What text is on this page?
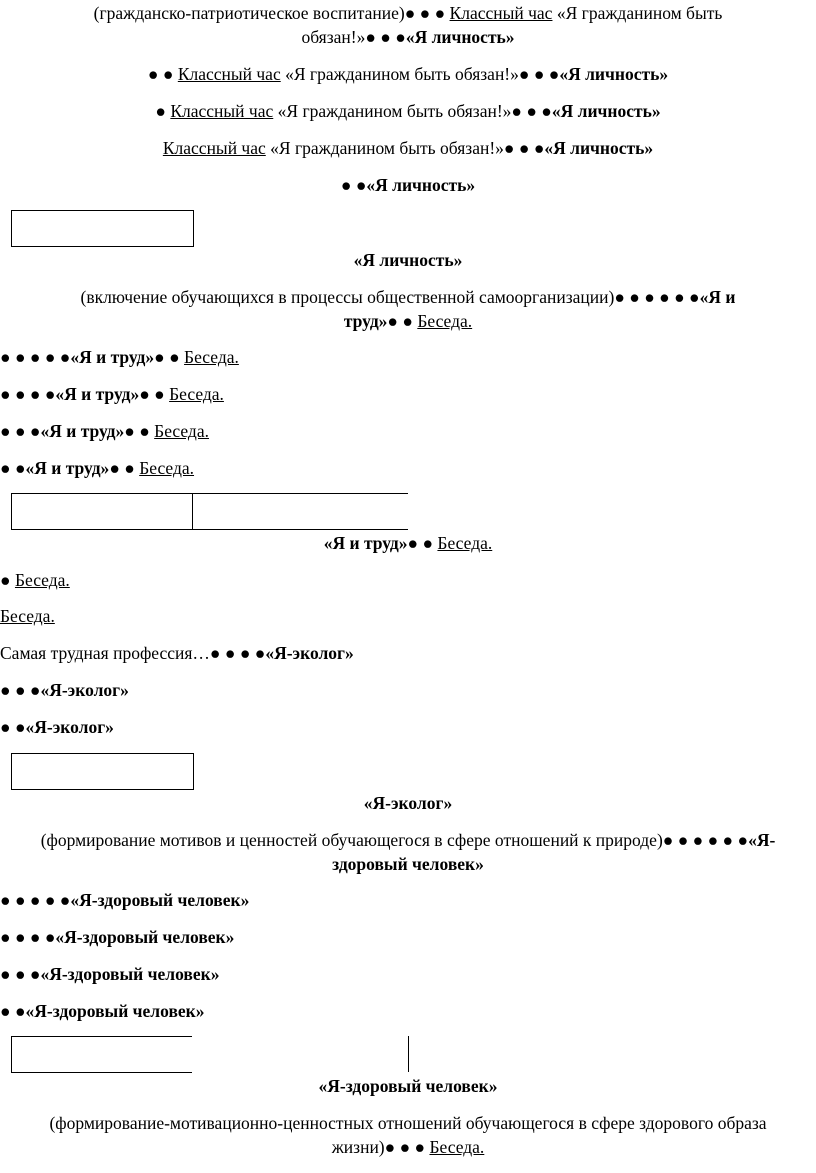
(гражданско-патриотическое воспитание)● ● ● Классный час «Я гражданином быть
обязан!»● ● ●«Я личность»
● ● Классный час «Я гражданином быть обязан!»● ● ●«Я личность»
● Классный час «Я гражданином быть обязан!»● ● ●«Я личность»
Классный час «Я гражданином быть обязан!»● ● ●«Я личность»
● ●«Я личность»
«Я личность»
(включение обучающихся в процессы общественной самоорганизации)● ● ● ● ● ●«Я и
труд»● ● Беседа.
● ● ● ● ●«Я и труд»● ● Беседа.
● ● ● ●«Я и труд»● ● Беседа.
● ● ●«Я и труд»● ● Беседа.
● ●«Я и труд»● ● Беседа.
«Я и труд»● ● Беседа.
● Беседа.
Беседа.
Самая трудная профессия…● ● ● ●«Я-эколог»
● ● ●«Я-эколог»
● ●«Я-эколог»
«Я-эколог»
(формирование мотивов и ценностей обучающегося в сфере отношений к природе)● ● ● ● ● ●«Я-
здоровый человек»
● ● ● ● ●«Я-здоровый человек»
● ● ● ●«Я-здоровый человек»
● ● ●«Я-здоровый человек»
● ●«Я-здоровый человек»
«Я-здоровый человек»
(формирование-мотивационно-ценностных отношений обучающегося в сфере здорового образа
жизни)● ● ● Беседа.
